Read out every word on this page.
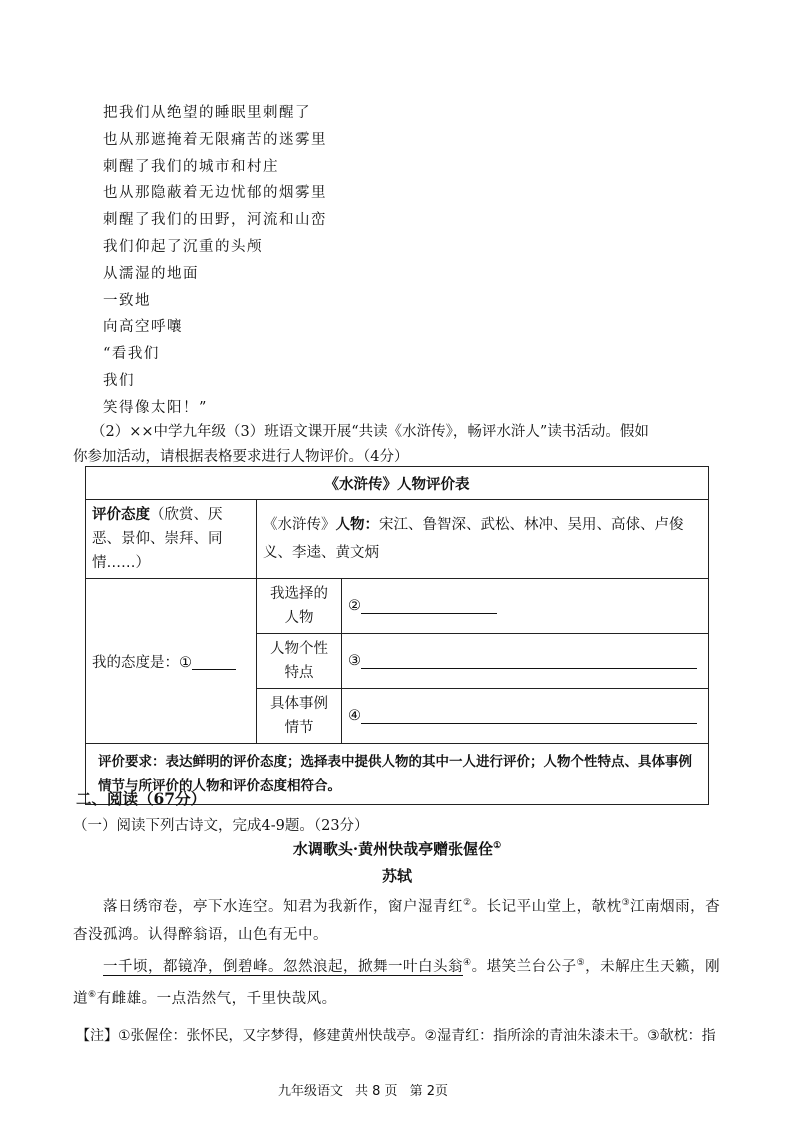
把我们从绝望的睡眠里刺醒了
也从那遮掩着无限痛苦的迷雾里
刺醒了我们的城市和村庄
也从那隐蔽着无边忧郁的烟雾里
刺醒了我们的田野，河流和山峦
我们仰起了沉重的头颅
从濡湿的地面
一致地
向高空呼嚷
“看我们
我们
笑得像太阳！”
（2）××中学九年级（3）班语文课开展“共读《水浒传》，畅评水浒人”读书活动。假如
你参加活动，请根据表格要求进行人物评价。（4分）
《水浒传》人物评价表		
评价态度（欣赏、厌恶、景仰、崇拜、同情……）	《水浒传》人物：宋江、鲁智深、武松、林冲、吴用、高俅、卢俊义、李逵、黄文炳	
我的态度是：①	我选择的人物	②
	人物个性特点	③
	具体事例情节	④
评价要求：表达鲜明的评价态度；选择表中提供人物的其中一人进行评价；人物个性特点、具体事例情节与所评价的人物和评价态度相符合。		
二、阅读（67分）
（一）阅读下列古诗文，完成4-9题。（23分）
水调歌头·黄州快哉亭赠张偓佺①
苏轼
落日绣帘卷，亭下水连空。知君为我新作，窗户湿青红②。长记平山堂上，欹枕③江南烟雨，杳杳没孤鸿。认得醉翁语，山色有无中。
一千顷，都镜净，倒碧峰。忽然浪起，掀舞一叶白头翁④。堪笑兰台公子⑤，未解庄生天籁，刚道⑥有雌雄。一点浩然气，千里快哉风。
【注】①张偓佺：张怀民，又字梦得，修建黄州快哉亭。②湿青红：指所涂的青油朱漆未干。③欹枕：指
九年级语文 共 8 页 第 2页
